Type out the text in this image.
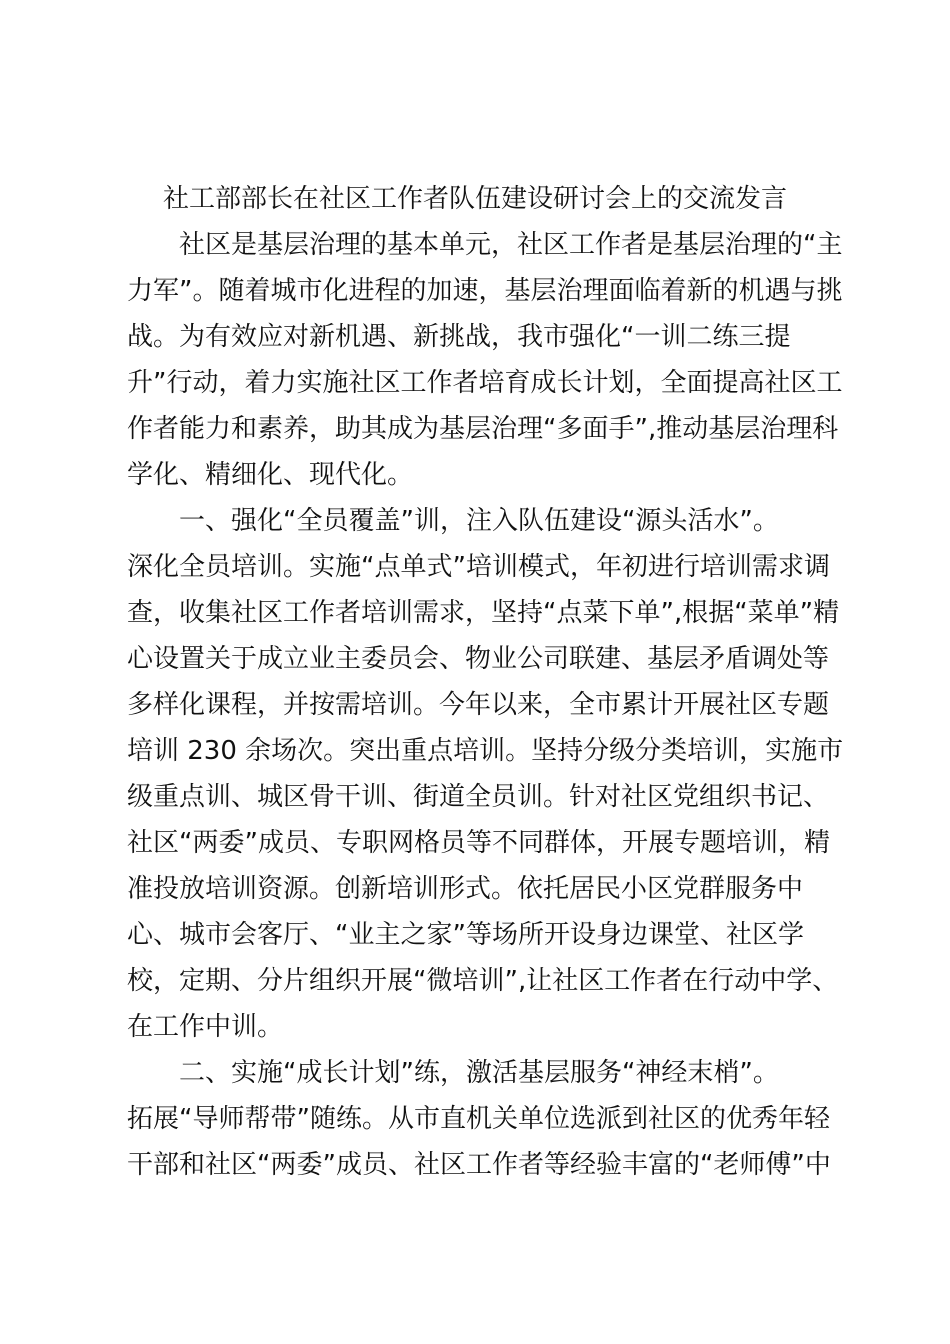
社工部部长在社区工作者队伍建设研讨会上的交流发言

社区是基层治理的基本单元，社区工作者是基层治理的“主

力军”。随着城市化进程的加速，基层治理面临着新的机遇与挑

战。为有效应对新机遇、新挑战，我市强化“一训二练三提

升”行动，着力实施社区工作者培育成长计划，全面提高社区工

作者能力和素养，助其成为基层治理“多面手”,推动基层治理科

学化、精细化、现代化。

一、强化“全员覆盖”训，注入队伍建设“源头活水”。

深化全员培训。实施“点单式”培训模式，年初进行培训需求调

查，收集社区工作者培训需求，坚持“点菜下单”,根据“菜单”精

心设置关于成立业主委员会、物业公司联建、基层矛盾调处等

多样化课程，并按需培训。今年以来，全市累计开展社区专题

培训 230 余场次。突出重点培训。坚持分级分类培训，实施市

级重点训、城区骨干训、街道全员训。针对社区党组织书记、

社区“两委”成员、专职网格员等不同群体，开展专题培训，精

准投放培训资源。创新培训形式。依托居民小区党群服务中

心、城市会客厅、“业主之家”等场所开设身边课堂、社区学

校，定期、分片组织开展“微培训”,让社区工作者在行动中学、

在工作中训。

二、实施“成长计划”练，激活基层服务“神经末梢”。

拓展“导师帮带”随练。从市直机关单位选派到社区的优秀年轻

干部和社区“两委”成员、社区工作者等经验丰富的“老师傅”中
